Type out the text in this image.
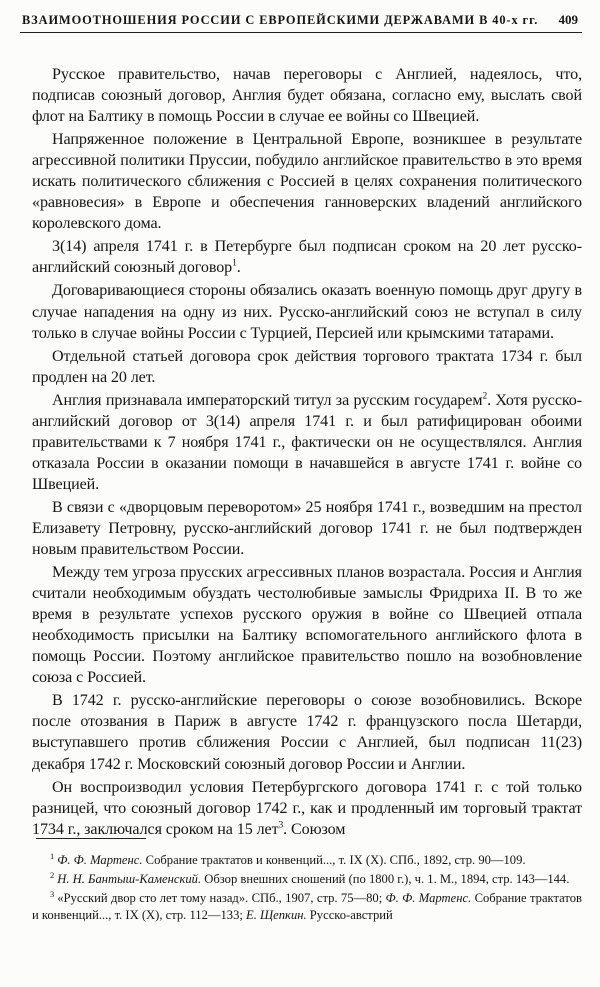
ВЗАИМООТНОШЕНИЯ РОССИИ С ЕВРОПЕЙСКИМИ ДЕРЖАВАМИ В 40-х гг. 409

Русское правительство, начав переговоры с Англией, надеялось, что, подписав союзный договор, Англия будет обязана, согласно ему, выслать свой флот на Балтику в помощь России в случае ее войны со Швецией.

Напряженное положение в Центральной Европе, возникшее в результате агрессивной политики Пруссии, побудило английское правительство в это время искать политического сближения с Россией в целях сохранения политического «равновесия» в Европе и обеспечения ганноверских владений английского королевского дома.

3(14) апреля 1741 г. в Петербурге был подписан сроком на 20 лет русско-английский союзный договор$^1$.

Договаривающиеся стороны обязались оказать военную помощь друг другу в случае нападения на одну из них. Русско-английский союз не вступал в силу только в случае войны России с Турцией, Персией или крымскими татарами.

Отдельной статьей договора срок действия торгового трактата 1734 г. был продлен на 20 лет.

Англия признавала императорский титул за русским государем$^2$. Хотя русско-английский договор от 3(14) апреля 1741 г. и был ратифицирован обоими правительствами к 7 ноября 1741 г., фактически он не осуществлялся. Англия отказала России в оказании помощи в начавшейся в августе 1741 г. войне со Швецией.

В связи с «дворцовым переворотом» 25 ноября 1741 г., возведшим на престол Елизавету Петровну, русско-английский договор 1741 г. не был подтвержден новым правительством России.

Между тем угроза прусских агрессивных планов возрастала. Россия и Англия считали необходимым обуздать честолюбивые замыслы Фридриха II. В то же время в результате успехов русского оружия в войне со Швецией отпала необходимость присылки на Балтику вспомогательного английского флота в помощь России. Поэтому английское правительство пошло на возобновление союза с Россией.

В 1742 г. русско-английские переговоры о союзе возобновились. Вскоре после отозвания в Париж в августе 1742 г. французского посла Шетарди, выступавшего против сближения России с Англией, был подписан 11(23) декабря 1742 г. Московский союзный договор России и Англии.

Он воспроизводил условия Петербургского договора 1741 г. с той только разницей, что союзный договор 1742 г., как и продленный им торговый трактат 1734 г., заключался сроком на 15 лет$^3$. Союзом

$^1$ Ф. Ф. Мартенс. Собрание трактатов и конвенций..., т. IX (X). СПб., 1892, стр. 90—109.

$^2$ Н. Н. Бантыш-Каменский. Обзор внешних сношений (по 1800 г.), ч. 1. М., 1894, стр. 143—144.

$^3$ «Русский двор сто лет тому назад». СПб., 1907, стр. 75—80; Ф. Ф. Мартенс. Собрание трактатов и конвенций..., т. IX (X), стр. 112—133; Е. Щепкин. Русско-австрий
